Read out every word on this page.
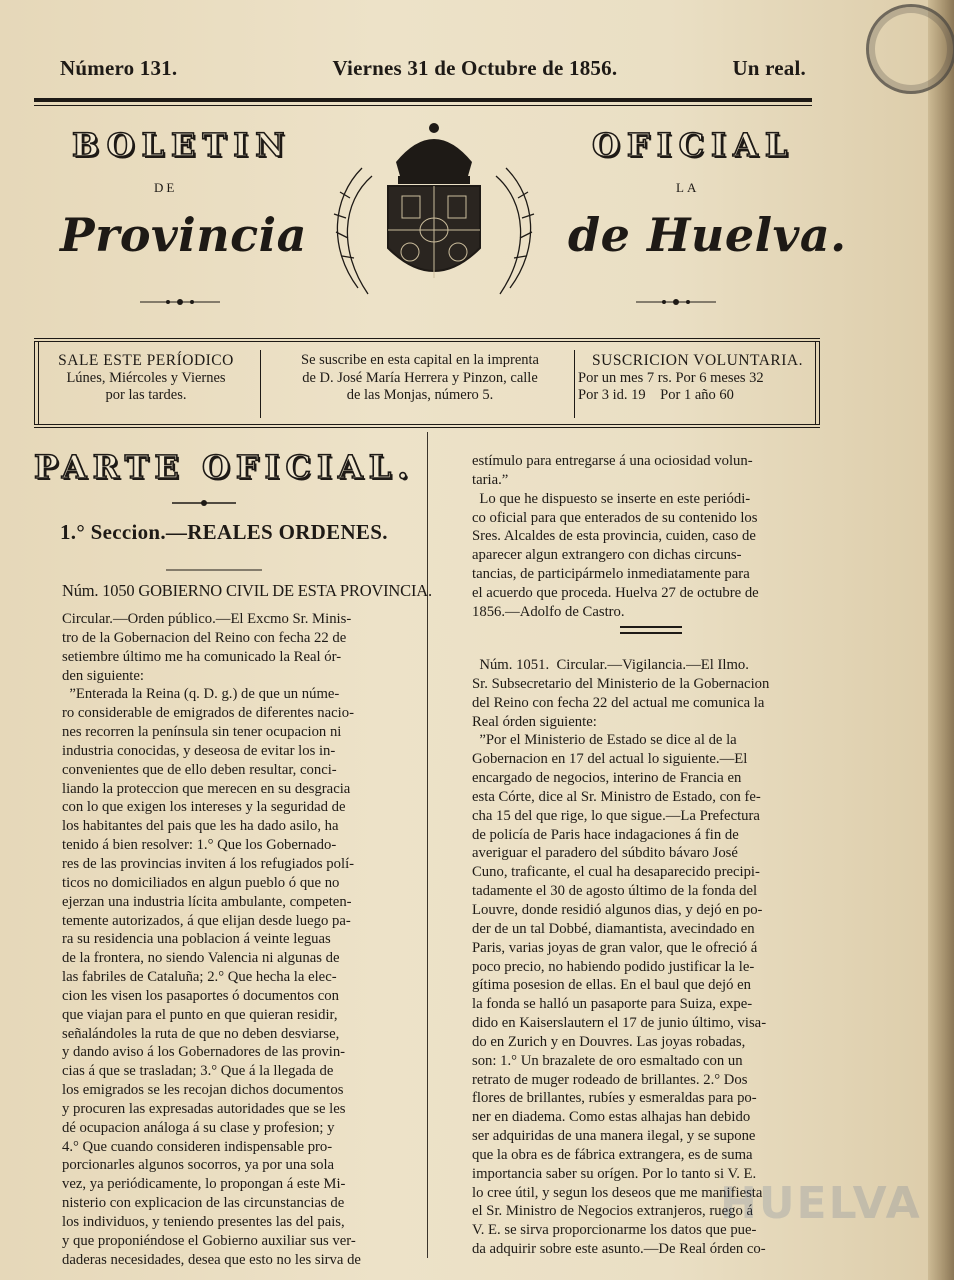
Número 131.	Viernes 31 de Octubre de 1856.	Un real.
BOLETIN	OFICIAL
DE	LA
Provincia	de Huelva.
SALE ESTE PERÍODICO
Lúnes, Miércoles y Viernes
por las tardes.
Se suscribe en esta capital en la imprenta
de D. José María Herrera y Pinzon, calle
de las Monjas, número 5.
SUSCRICION VOLUNTARIA.
Por un mes 7 rs. Por 6 meses 32
Por 3 id. 19    Por 1 año 60
PARTE OFICIAL.
1.° Seccion.—REALES ORDENES.
Núm. 1050 GOBIERNO CIVIL DE ESTA PROVINCIA.

Circular.—Orden público.—El Excmo Sr. Minis-

tro de la Gobernacion del Reino con fecha 22 de

setiembre último me ha comunicado la Real ór-

den siguiente:

”Enterada la Reina (q. D. g.) de que un núme-

ro considerable de emigrados de diferentes nacio-

nes recorren la península sin tener ocupacion ni

industria conocidas, y deseosa de evitar los in-

convenientes que de ello deben resultar, conci-

liando la proteccion que merecen en su desgracia

con lo que exigen los intereses y la seguridad de

los habitantes del pais que les ha dado asilo, ha

tenido á bien resolver: 1.° Que los Gobernado-

res de las provincias inviten á los refugiados polí-

ticos no domiciliados en algun pueblo ó que no

ejerzan una industria lícita ambulante, competen-

temente autorizados, á que elijan desde luego pa-

ra su residencia una poblacion á veinte leguas

de la frontera, no siendo Valencia ni algunas de

las fabriles de Cataluña; 2.° Que hecha la elec-

cion les visen los pasaportes ó documentos con

que viajan para el punto en que quieran residir,

señalándoles la ruta de que no deben desviarse,

y dando aviso á los Gobernadores de las provin-

cias á que se trasladan; 3.° Que á la llegada de

los emigrados se les recojan dichos documentos

y procuren las expresadas autoridades que se les

dé ocupacion análoga á su clase y profesion; y

4.° Que cuando consideren indispensable pro-

porcionarles algunos socorros, ya por una sola

vez, ya periódicamente, lo propongan á este Mi-

nisterio con explicacion de las circunstancias de

los individuos, y teniendo presentes las del pais,

y que proponiéndose el Gobierno auxiliar sus ver-

daderas necesidades, desea que esto no les sirva de

estímulo para entregarse á una ociosidad volun-

taria.”

Lo que he dispuesto se inserte en este periódi-

co oficial para que enterados de su contenido los

Sres. Alcaldes de esta provincia, cuiden, caso de

aparecer algun extrangero con dichas circuns-

tancias, de participármelo inmediatamente para

el acuerdo que proceda. Huelva 27 de octubre de

1856.—Adolfo de Castro.

Núm. 1051.  Circular.—Vigilancia.—El Ilmo.

Sr. Subsecretario del Ministerio de la Gobernacion

del Reino con fecha 22 del actual me comunica la

Real órden siguiente:

”Por el Ministerio de Estado se dice al de la

Gobernacion en 17 del actual lo siguiente.—El

encargado de negocios, interino de Francia en

esta Córte, dice al Sr. Ministro de Estado, con fe-

cha 15 del que rige, lo que sigue.—La Prefectura

de policía de Paris hace indagaciones á fin de

averiguar el paradero del súbdito bávaro José

Cuno, traficante, el cual ha desaparecido precipi-

tadamente el 30 de agosto último de la fonda del

Louvre, donde residió algunos dias, y dejó en po-

der de un tal Dobbé, diamantista, avecindado en

Paris, varias joyas de gran valor, que le ofreció á

poco precio, no habiendo podido justificar la le-

gítima posesion de ellas. En el baul que dejó en

la fonda se halló un pasaporte para Suiza, expe-

dido en Kaiserslautern el 17 de junio último, visa-

do en Zurich y en Douvres. Las joyas robadas,

son: 1.° Un brazalete de oro esmaltado con un

retrato de muger rodeado de brillantes. 2.° Dos

flores de brillantes, rubíes y esmeraldas para po-

ner en diadema. Como estas alhajas han debido

ser adquiridas de una manera ilegal, y se supone

que la obra es de fábrica extrangera, es de suma

importancia saber su orígen. Por lo tanto si V. E.

lo cree útil, y segun los deseos que me manifiesta

el Sr. Ministro de Negocios extranjeros, ruego á

V. E. se sirva proporcionarme los datos que pue-

da adquirir sobre este asunto.—De Real órden co-

HUELVA
